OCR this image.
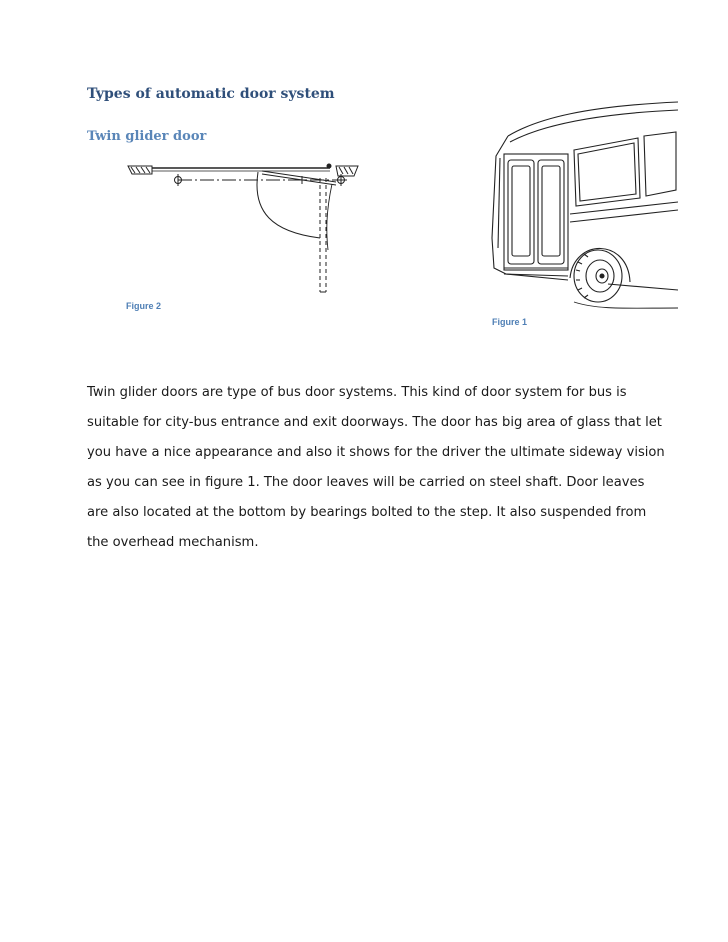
Types of automatic door system
Twin glider door
Figure 2
Figure 1

Twin glider doors are type of bus door systems. This kind of door system for bus is suitable for city-bus entrance and exit doorways. The door has big area of glass that let you have a nice appearance and also it shows for the driver the ultimate sideway vision as you can see in figure 1. The door leaves will be carried on steel shaft. Door leaves are also located at the bottom by bearings bolted to the step. It also suspended from the overhead mechanism.
